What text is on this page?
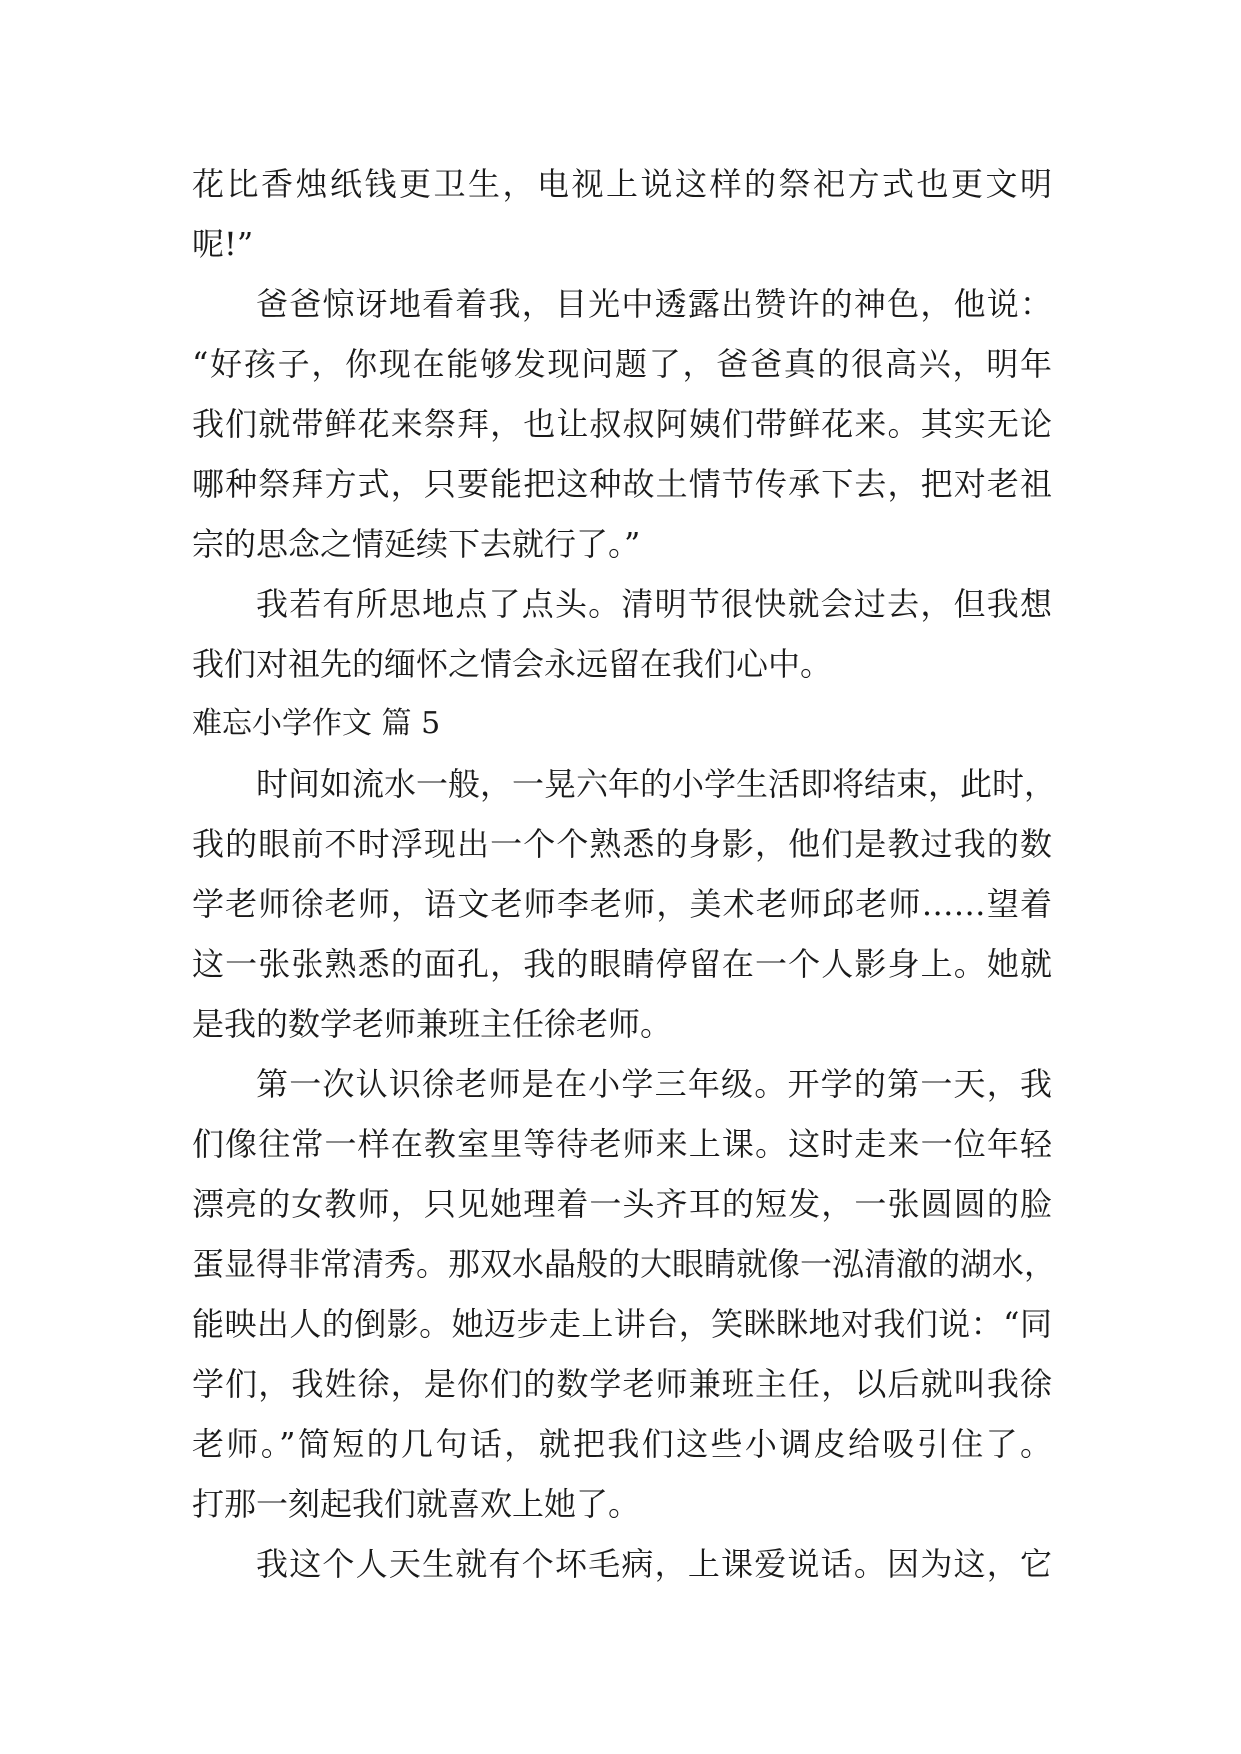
花比香烛纸钱更卫生，电视上说这样的祭祀方式也更文明
呢!”
爸爸惊讶地看着我，目光中透露出赞许的神色，他说：
“好孩子，你现在能够发现问题了，爸爸真的很高兴，明年
我们就带鲜花来祭拜，也让叔叔阿姨们带鲜花来。其实无论
哪种祭拜方式，只要能把这种故土情节传承下去，把对老祖
宗的思念之情延续下去就行了。”
我若有所思地点了点头。清明节很快就会过去，但我想
我们对祖先的缅怀之情会永远留在我们心中。
难忘小学作文 篇 5
时间如流水一般，一晃六年的小学生活即将结束，此时，
我的眼前不时浮现出一个个熟悉的身影，他们是教过我的数
学老师徐老师，语文老师李老师，美术老师邱老师……望着
这一张张熟悉的面孔，我的眼睛停留在一个人影身上。她就
是我的数学老师兼班主任徐老师。
第一次认识徐老师是在小学三年级。开学的第一天，我
们像往常一样在教室里等待老师来上课。这时走来一位年轻
漂亮的女教师，只见她理着一头齐耳的短发，一张圆圆的脸
蛋显得非常清秀。那双水晶般的大眼睛就像一泓清澈的湖水，
能映出人的倒影。她迈步走上讲台，笑眯眯地对我们说：“同
学们，我姓徐，是你们的数学老师兼班主任，以后就叫我徐
老师。”简短的几句话，就把我们这些小调皮给吸引住了。
打那一刻起我们就喜欢上她了。
我这个人天生就有个坏毛病，上课爱说话。因为这，它
